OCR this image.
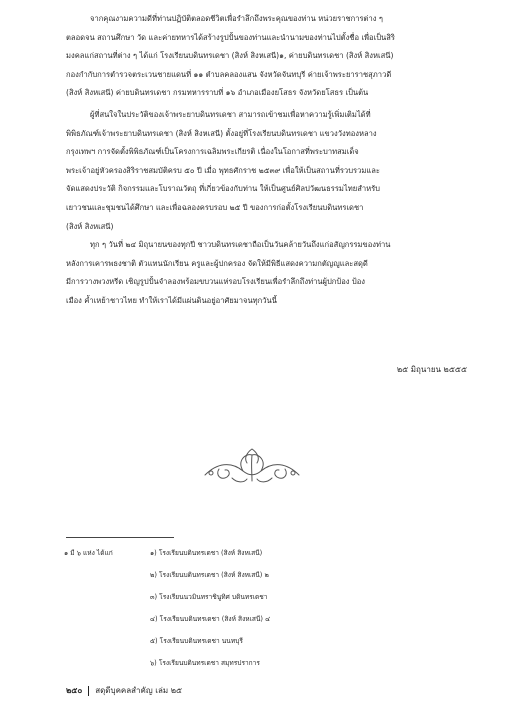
จากคุณงามความดีที่ท่านปฏิบัติตลอดชีวิตเพื่อรำลึกถึงพระคุณของท่าน หน่วยราชการต่าง ๆ
ตลอดจน สถานศึกษา วัด และค่ายทหารได้สร้างรูปปั้นของท่านและนำนามของท่านไปตั้งชื่อ เพื่อเป็นสิริ
มงคลแก่สถานที่ต่าง ๆ ได้แก่ โรงเรียนบดินทรเดชา (สิงห์ สิงหเสนี)๑, ค่ายบดินทรเดชา (สิงห์ สิงหเสนี)
กองกำกับการตำรวจตระเวนชายแดนที่ ๑๑ ตำบลคลองแสน จังหวัดจันทบุรี ค่ายเจ้าพระยาราชสุภาวดี
(สิงห์ สิงหเสนี) ค่ายบดินทรเดชา กรมทหารราบที่ ๑๖ อำเภอเมืองยโสธร จังหวัดยโสธร เป็นต้น
ผู้ที่สนใจในประวัติของเจ้าพระยาบดินทรเดชา สามารถเข้าชมเพื่อหาความรู้เพิ่มเติมได้ที่
พิพิธภัณฑ์เจ้าพระยาบดินทรเดชา (สิงห์ สิงหเสนี) ตั้งอยู่ที่โรงเรียนบดินทรเดชา แขวงวังทองหลาง
กรุงเทพฯ การจัดตั้งพิพิธภัณฑ์เป็นโครงการเฉลิมพระเกียรติ เนื่องในโอกาสที่พระบาทสมเด็จ
พระเจ้าอยู่หัวครองสิริราชสมบัติครบ ๕๐ ปี เมื่อ พุทธศักราช ๒๕๓๙ เพื่อให้เป็นสถานที่รวบรวมและ
จัดแสดงประวัติ กิจกรรมและโบราณวัตถุ ที่เกี่ยวข้องกับท่าน ให้เป็นศูนย์ศิลปวัฒนธรรมไทยสำหรับ
เยาวชนและชุมชนได้ศึกษา และเพื่อฉลองครบรอบ ๒๕ ปี ของการก่อตั้งโรงเรียนบดินทรเดชา
(สิงห์ สิงหเสนี)
ทุก ๆ วันที่ ๒๔ มิถุนายนของทุกปี ชาวบดินทรเดชาถือเป็นวันคล้ายวันถึงแก่อสัญกรรมของท่าน
หลังการเคารพธงชาติ ตัวแทนนักเรียน ครูและผู้ปกครอง จัดให้มีพิธีแสดงความกตัญญูและสดุดี
มีการวางพวงหรีด เชิญรูปปั้นจำลองพร้อมขบวนแห่รอบโรงเรียนเพื่อรำลึกถึงท่านผู้ปกป้อง ป้อง
เมือง ค้ำเหย้าชาวไทย ทำให้เราได้มีแผ่นดินอยู่อาศัยมาจนทุกวันนี้
๒๕ มิถุนายน ๒๕๕๕
๑ มี ๖ แห่ง ได้แก่	๑) โรงเรียนบดินทรเดชา (สิงห์ สิงหเสนี)
๒) โรงเรียนบดินทรเดชา (สิงห์ สิงหเสนี) ๒
๓) โรงเรียนนวมินทราชินูทิศ บดินทรเดชา
๔) โรงเรียนบดินทรเดชา (สิงห์ สิงหเสนี) ๔
๕) โรงเรียนบดินทรเดชา นนทบุรี
๖) โรงเรียนบดินทรเดชา สมุทรปราการ
๒๕๐ สดุดีบุคคลสำคัญ เล่ม ๒๕
